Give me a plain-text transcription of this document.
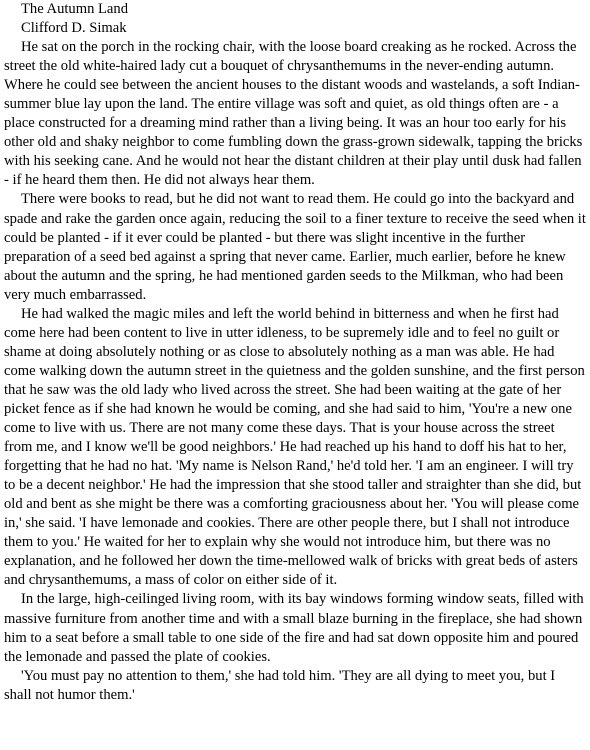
The Autumn Land

Clifford D. Simak

He sat on the porch in the rocking chair, with the loose board creaking as he rocked. Across the street the old white-haired lady cut a bouquet of chrysanthemums in the never-ending autumn. Where he could see between the ancient houses to the distant woods and wastelands, a soft Indian-summer blue lay upon the land. The entire village was soft and quiet, as old things often are - a place constructed for a dreaming mind rather than a living being. It was an hour too early for his other old and shaky neighbor to come fumbling down the grass-grown sidewalk, tapping the bricks with his seeking cane. And he would not hear the distant children at their play until dusk had fallen - if he heard them then. He did not always hear them.

There were books to read, but he did not want to read them. He could go into the backyard and spade and rake the garden once again, reducing the soil to a finer texture to receive the seed when it could be planted - if it ever could be planted - but there was slight incentive in the further preparation of a seed bed against a spring that never came. Earlier, much earlier, before he knew about the autumn and the spring, he had mentioned garden seeds to the Milkman, who had been very much embarrassed.

He had walked the magic miles and left the world behind in bitterness and when he first had come here had been content to live in utter idleness, to be supremely idle and to feel no guilt or shame at doing absolutely nothing or as close to absolutely nothing as a man was able. He had come walking down the autumn street in the quietness and the golden sunshine, and the first person that he saw was the old lady who lived across the street. She had been waiting at the gate of her picket fence as if she had known he would be coming, and she had said to him, 'You're a new one come to live with us. There are not many come these days. That is your house across the street from me, and I know we'll be good neighbors.' He had reached up his hand to doff his hat to her, forgetting that he had no hat. 'My name is Nelson Rand,' he'd told her. 'I am an engineer. I will try to be a decent neighbor.' He had the impression that she stood taller and straighter than she did, but old and bent as she might be there was a comforting graciousness about her. 'You will please come in,' she said. 'I have lemonade and cookies. There are other people there, but I shall not introduce them to you.' He waited for her to explain why she would not introduce him, but there was no explanation, and he followed her down the time-mellowed walk of bricks with great beds of asters and chrysanthemums, a mass of color on either side of it.

In the large, high-ceilinged living room, with its bay windows forming window seats, filled with massive furniture from another time and with a small blaze burning in the fireplace, she had shown him to a seat before a small table to one side of the fire and had sat down opposite him and poured the lemonade and passed the plate of cookies.

'You must pay no attention to them,' she had told him. 'They are all dying to meet you, but I shall not humor them.'
